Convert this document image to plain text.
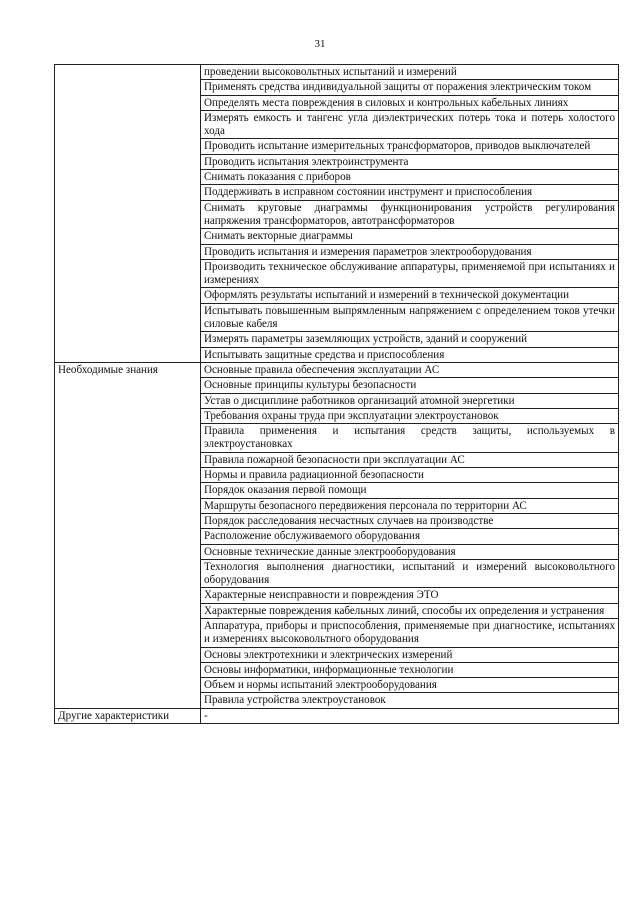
31
	проведении высоковольтных испытаний и измерений
	Применять средства индивидуальной защиты от поражения электрическим током
	Определять места повреждения в силовых и контрольных кабельных линиях
	Измерять емкость и тангенс угла диэлектрических потерь тока и потерь холостого хода
	Проводить испытание измерительных трансформаторов, приводов выключателей
	Проводить испытания электроинструмента
	Снимать показания с приборов
	Поддерживать в исправном состоянии инструмент и приспособления
	Снимать круговые диаграммы функционирования устройств регулирования напряжения трансформаторов, автотрансформаторов
	Снимать векторные диаграммы
	Проводить испытания и измерения параметров электрооборудования
	Производить техническое обслуживание аппаратуры, применяемой при испытаниях и измерениях
	Оформлять результаты испытаний и измерений в технической документации
	Испытывать повышенным выпрямленным напряжением с определением токов утечки силовые кабеля
	Измерять параметры заземляющих устройств, зданий и сооружений
	Испытывать защитные средства и приспособления
Необходимые знания	Основные правила обеспечения эксплуатации АС
	Основные принципы культуры безопасности
	Устав о дисциплине работников организаций атомной энергетики
	Требования охраны труда при эксплуатации электроустановок
	Правила применения и испытания средств защиты, используемых в электроустановках
	Правила пожарной безопасности при эксплуатации АС
	Нормы и правила радиационной безопасности
	Порядок оказания первой помощи
	Маршруты безопасного передвижения персонала по территории АС
	Порядок расследования несчастных случаев на производстве
	Расположение обслуживаемого оборудования
	Основные технические данные электрооборудования
	Технология выполнения диагностики, испытаний и измерений высоковольтного оборудования
	Характерные неисправности и повреждения ЭТО
	Характерные повреждения кабельных линий, способы их определения и устранения
	Аппаратура, приборы и приспособления, применяемые при диагностике, испытаниях и измерениях высоковольтного оборудования
	Основы электротехники и электрических измерений
	Основы информатики, информационные технологии
	Объем и нормы испытаний электрооборудования
	Правила устройства электроустановок
Другие характеристики	-
